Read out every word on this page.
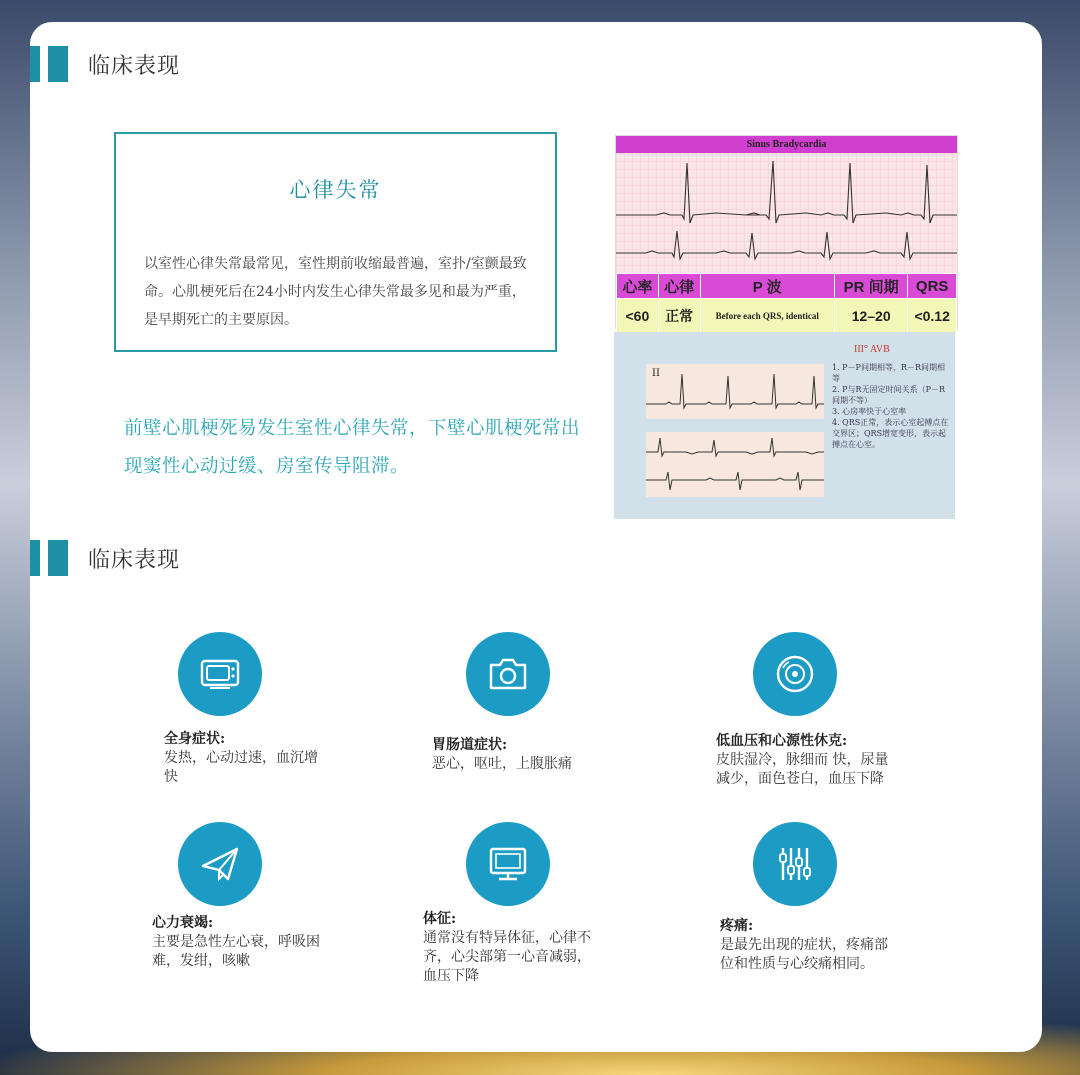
临床表现
心律失常
以室性心律失常最常见，室性期前收缩最普遍，室扑/室颤最致命。心肌梗死后在24小时内发生心律失常最多见和最为严重，是早期死亡的主要原因。
前壁心肌梗死易发生室性心律失常，下壁心肌梗死常出现窦性心动过缓、房室传导阻滞。
Sinus Bradycardia
心率	心律	P 波	PR 间期	QRS
<60	正常	Before each QRS, identical	12–20	<0.12
II
III° AVB
1. P－P间期相等，R－R间期相等
2. P与R无固定时间关系（P－R间期不等）
3. 心房率快于心室率
4. QRS正常，表示心室起搏点在交界区；QRS增宽变形，表示起搏点在心室。
临床表现
全身症状:
发热，心动过速，血沉增快
胃肠道症状:
恶心，呕吐，上腹胀痛
低血压和心源性休克:
皮肤湿冷，脉细而 快，尿量减少，面色苍白，血压下降
心力衰竭:
主要是急性左心衰，呼吸困难，发绀，咳嗽
体征:
通常没有特异体征，心律不齐，心尖部第一心音减弱，血压下降
疼痛:
是最先出现的症状，疼痛部位和性质与心绞痛相同。
